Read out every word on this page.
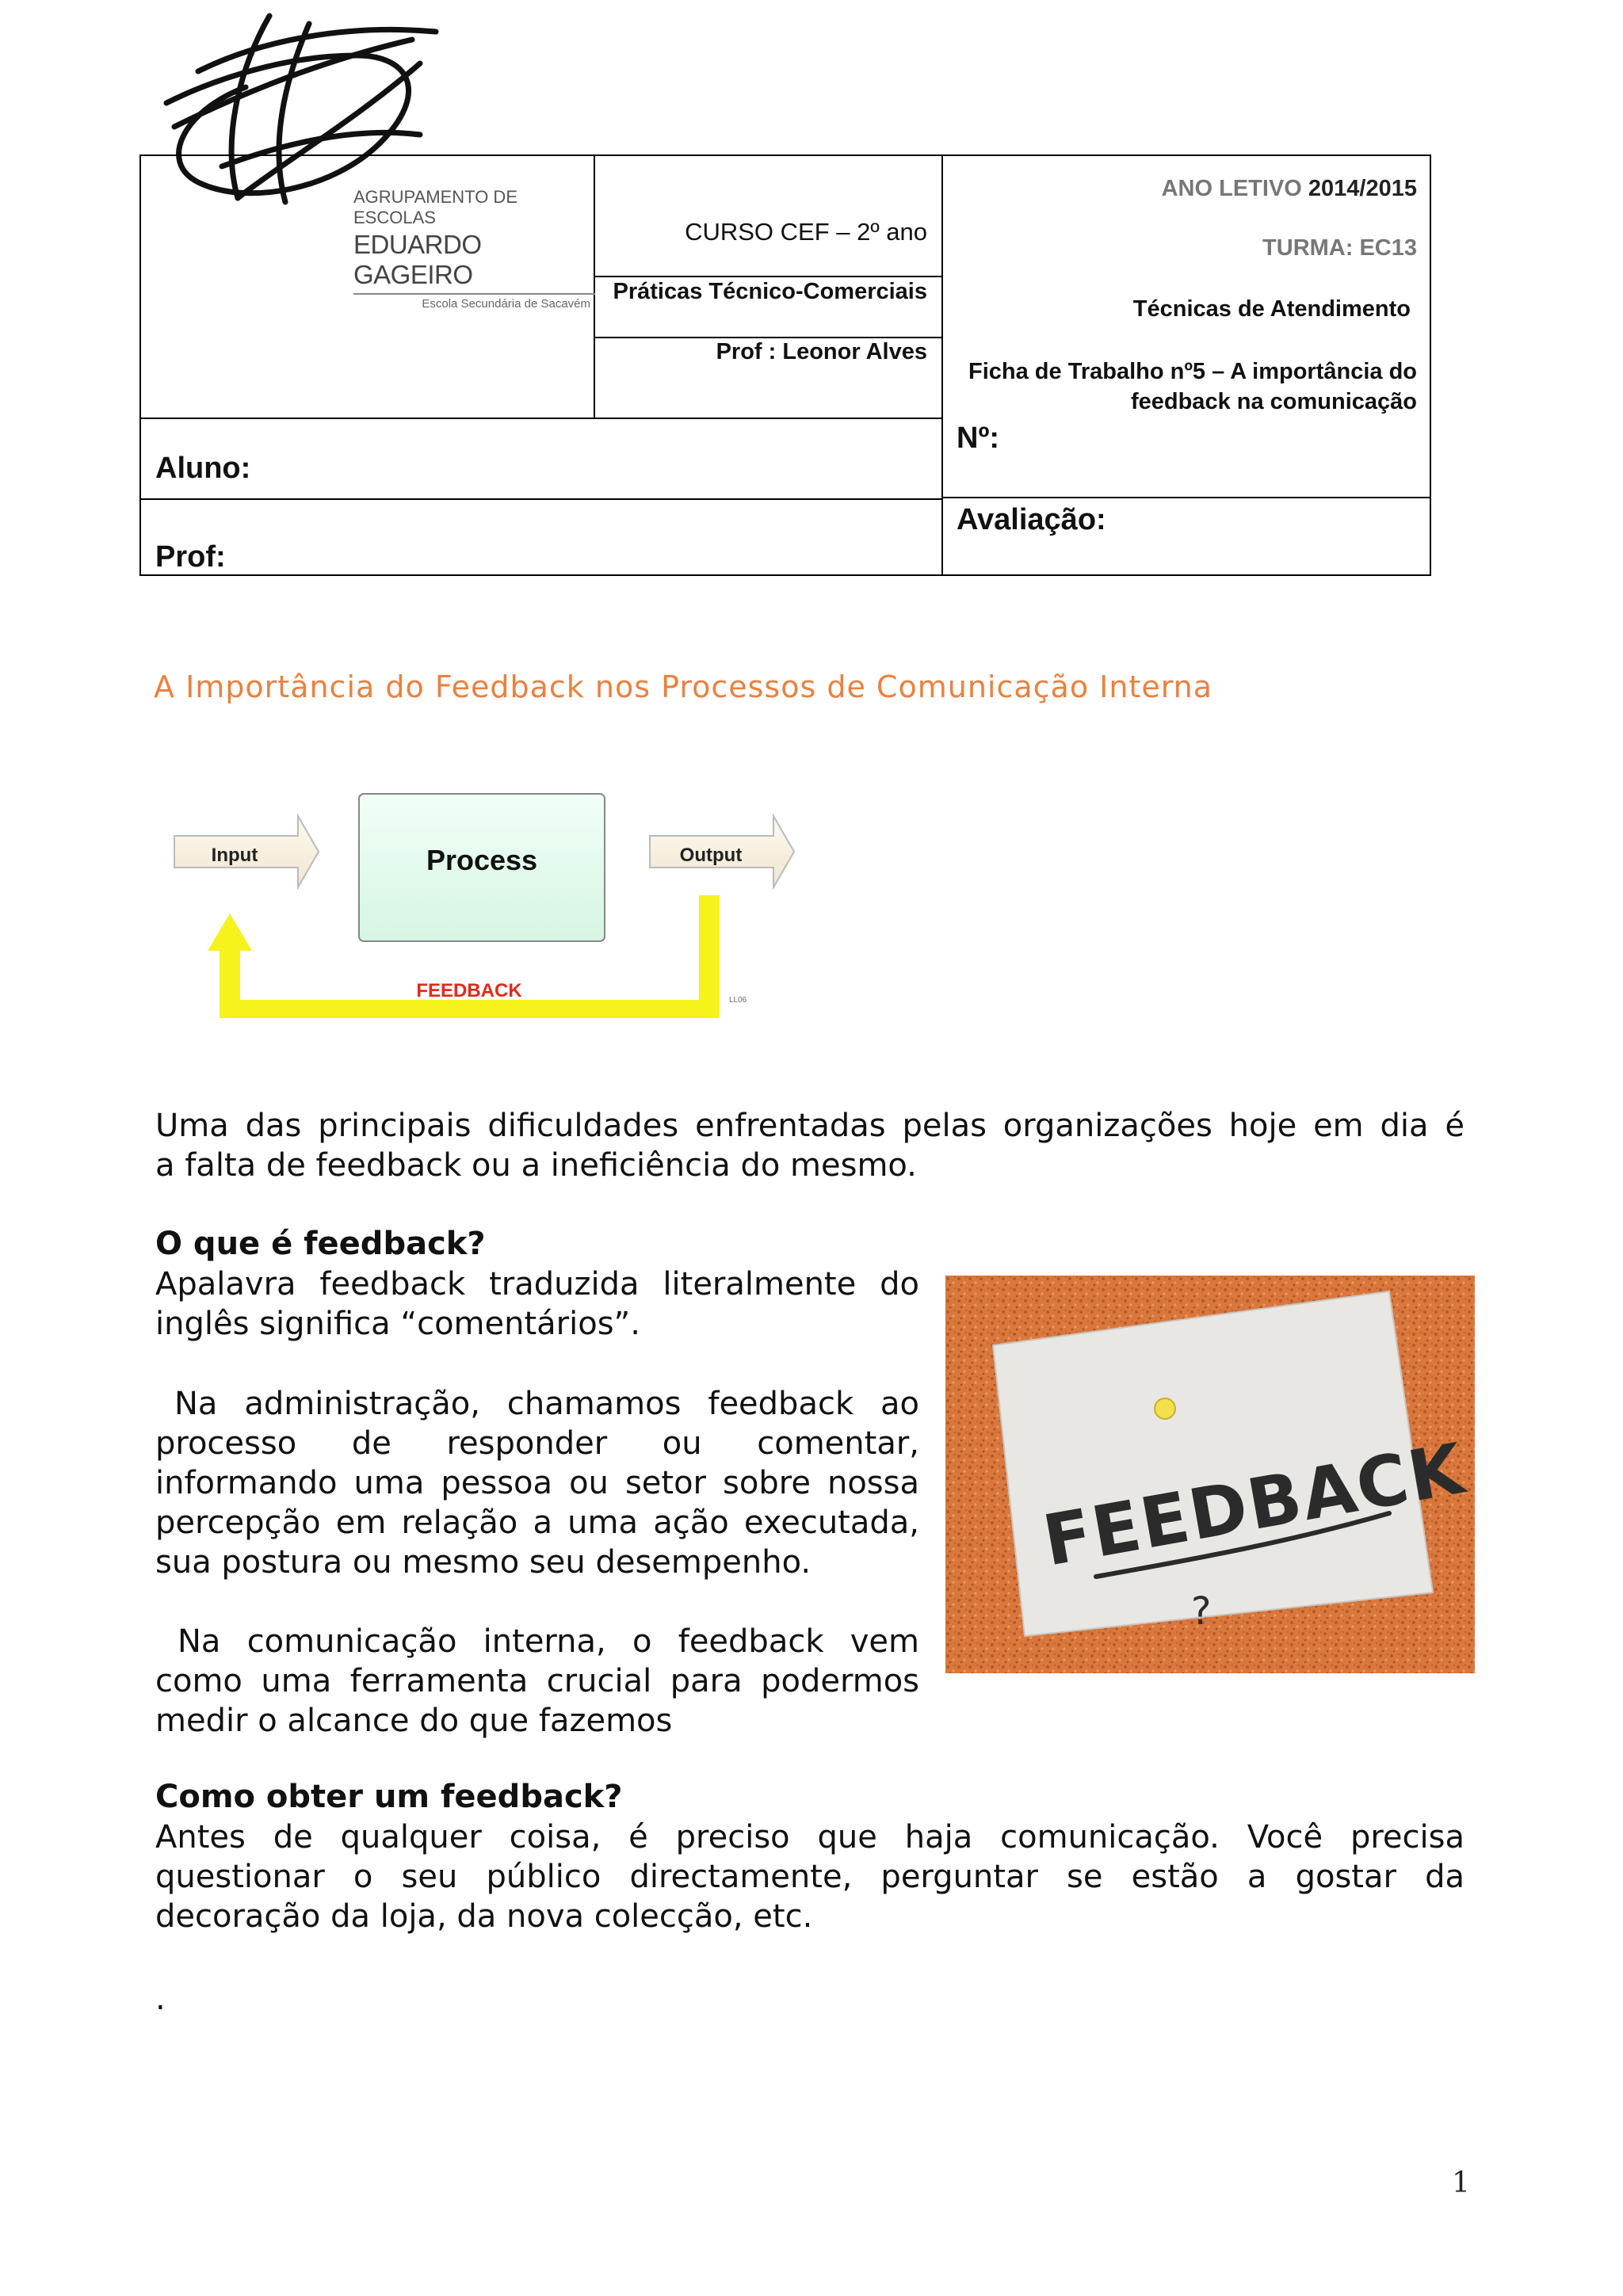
AGRUPAMENTO DE ESCOLAS
EDUARDO GAGEIRO
Escola Secundária de Sacavém
CURSO CEF – 2º ano
Práticas Técnico-Comerciais
Prof : Leonor Alves
ANO LETIVO 2014/2015
TURMA: EC13
Técnicas de Atendimento
Ficha de Trabalho nº5 – A importância do
feedback na comunicação
Aluno:
Nº:
Prof:
Avaliação:
A Importância do Feedback nos Processos de Comunicação Interna
Input	Process	Output
FEEDBACK	LL06
Uma das principais dificuldades enfrentadas pelas organizações hoje em dia é
a falta de feedback ou a ineficiência do mesmo.
O que é feedback?
Apalavra feedback traduzida literalmente do
inglês significa “comentários”.
Na administração, chamamos feedback ao
processo de responder ou comentar,
informando uma pessoa ou setor sobre nossa
percepção em relação a uma ação executada,
sua postura ou mesmo seu desempenho.
Na comunicação interna, o feedback vem
como uma ferramenta crucial para podermos
medir o alcance do que fazemos
FEEDBACK
?
Como obter um feedback?
Antes de qualquer coisa, é preciso que haja comunicação. Você precisa
questionar o seu público directamente, perguntar se estão a gostar da
decoração da loja, da nova colecção, etc.
.
1
